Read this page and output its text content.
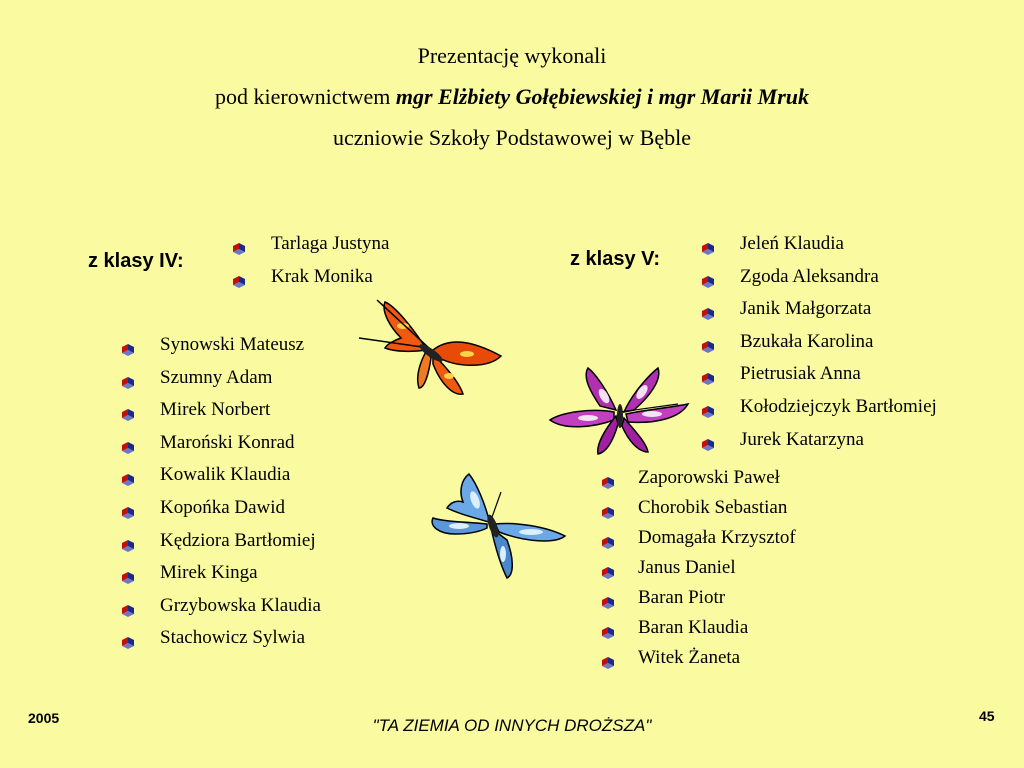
Prezentację wykonali
pod kierownictwem mgr Elżbiety Gołębiewskiej i mgr Marii Mruk
uczniowie Szkoły Podstawowej w Bęble
z klasy IV:
Tarlaga Justyna
Krak Monika
Synowski Mateusz
Szumny Adam
Mirek Norbert
Maroński Konrad
Kowalik Klaudia
Kopońka Dawid
Kędziora Bartłomiej
Mirek Kinga
Grzybowska Klaudia
Stachowicz Sylwia
z klasy V:
Jeleń Klaudia
Zgoda Aleksandra
Janik Małgorzata
Bzukała Karolina
Pietrusiak Anna
Kołodziejczyk Bartłomiej
Jurek Katarzyna
Zaporowski Paweł
Chorobik Sebastian
Domagała Krzysztof
Janus Daniel
Baran Piotr
Baran Klaudia
Witek Żaneta
2005	"TA ZIEMIA OD INNYCH DROŻSZA"	45
